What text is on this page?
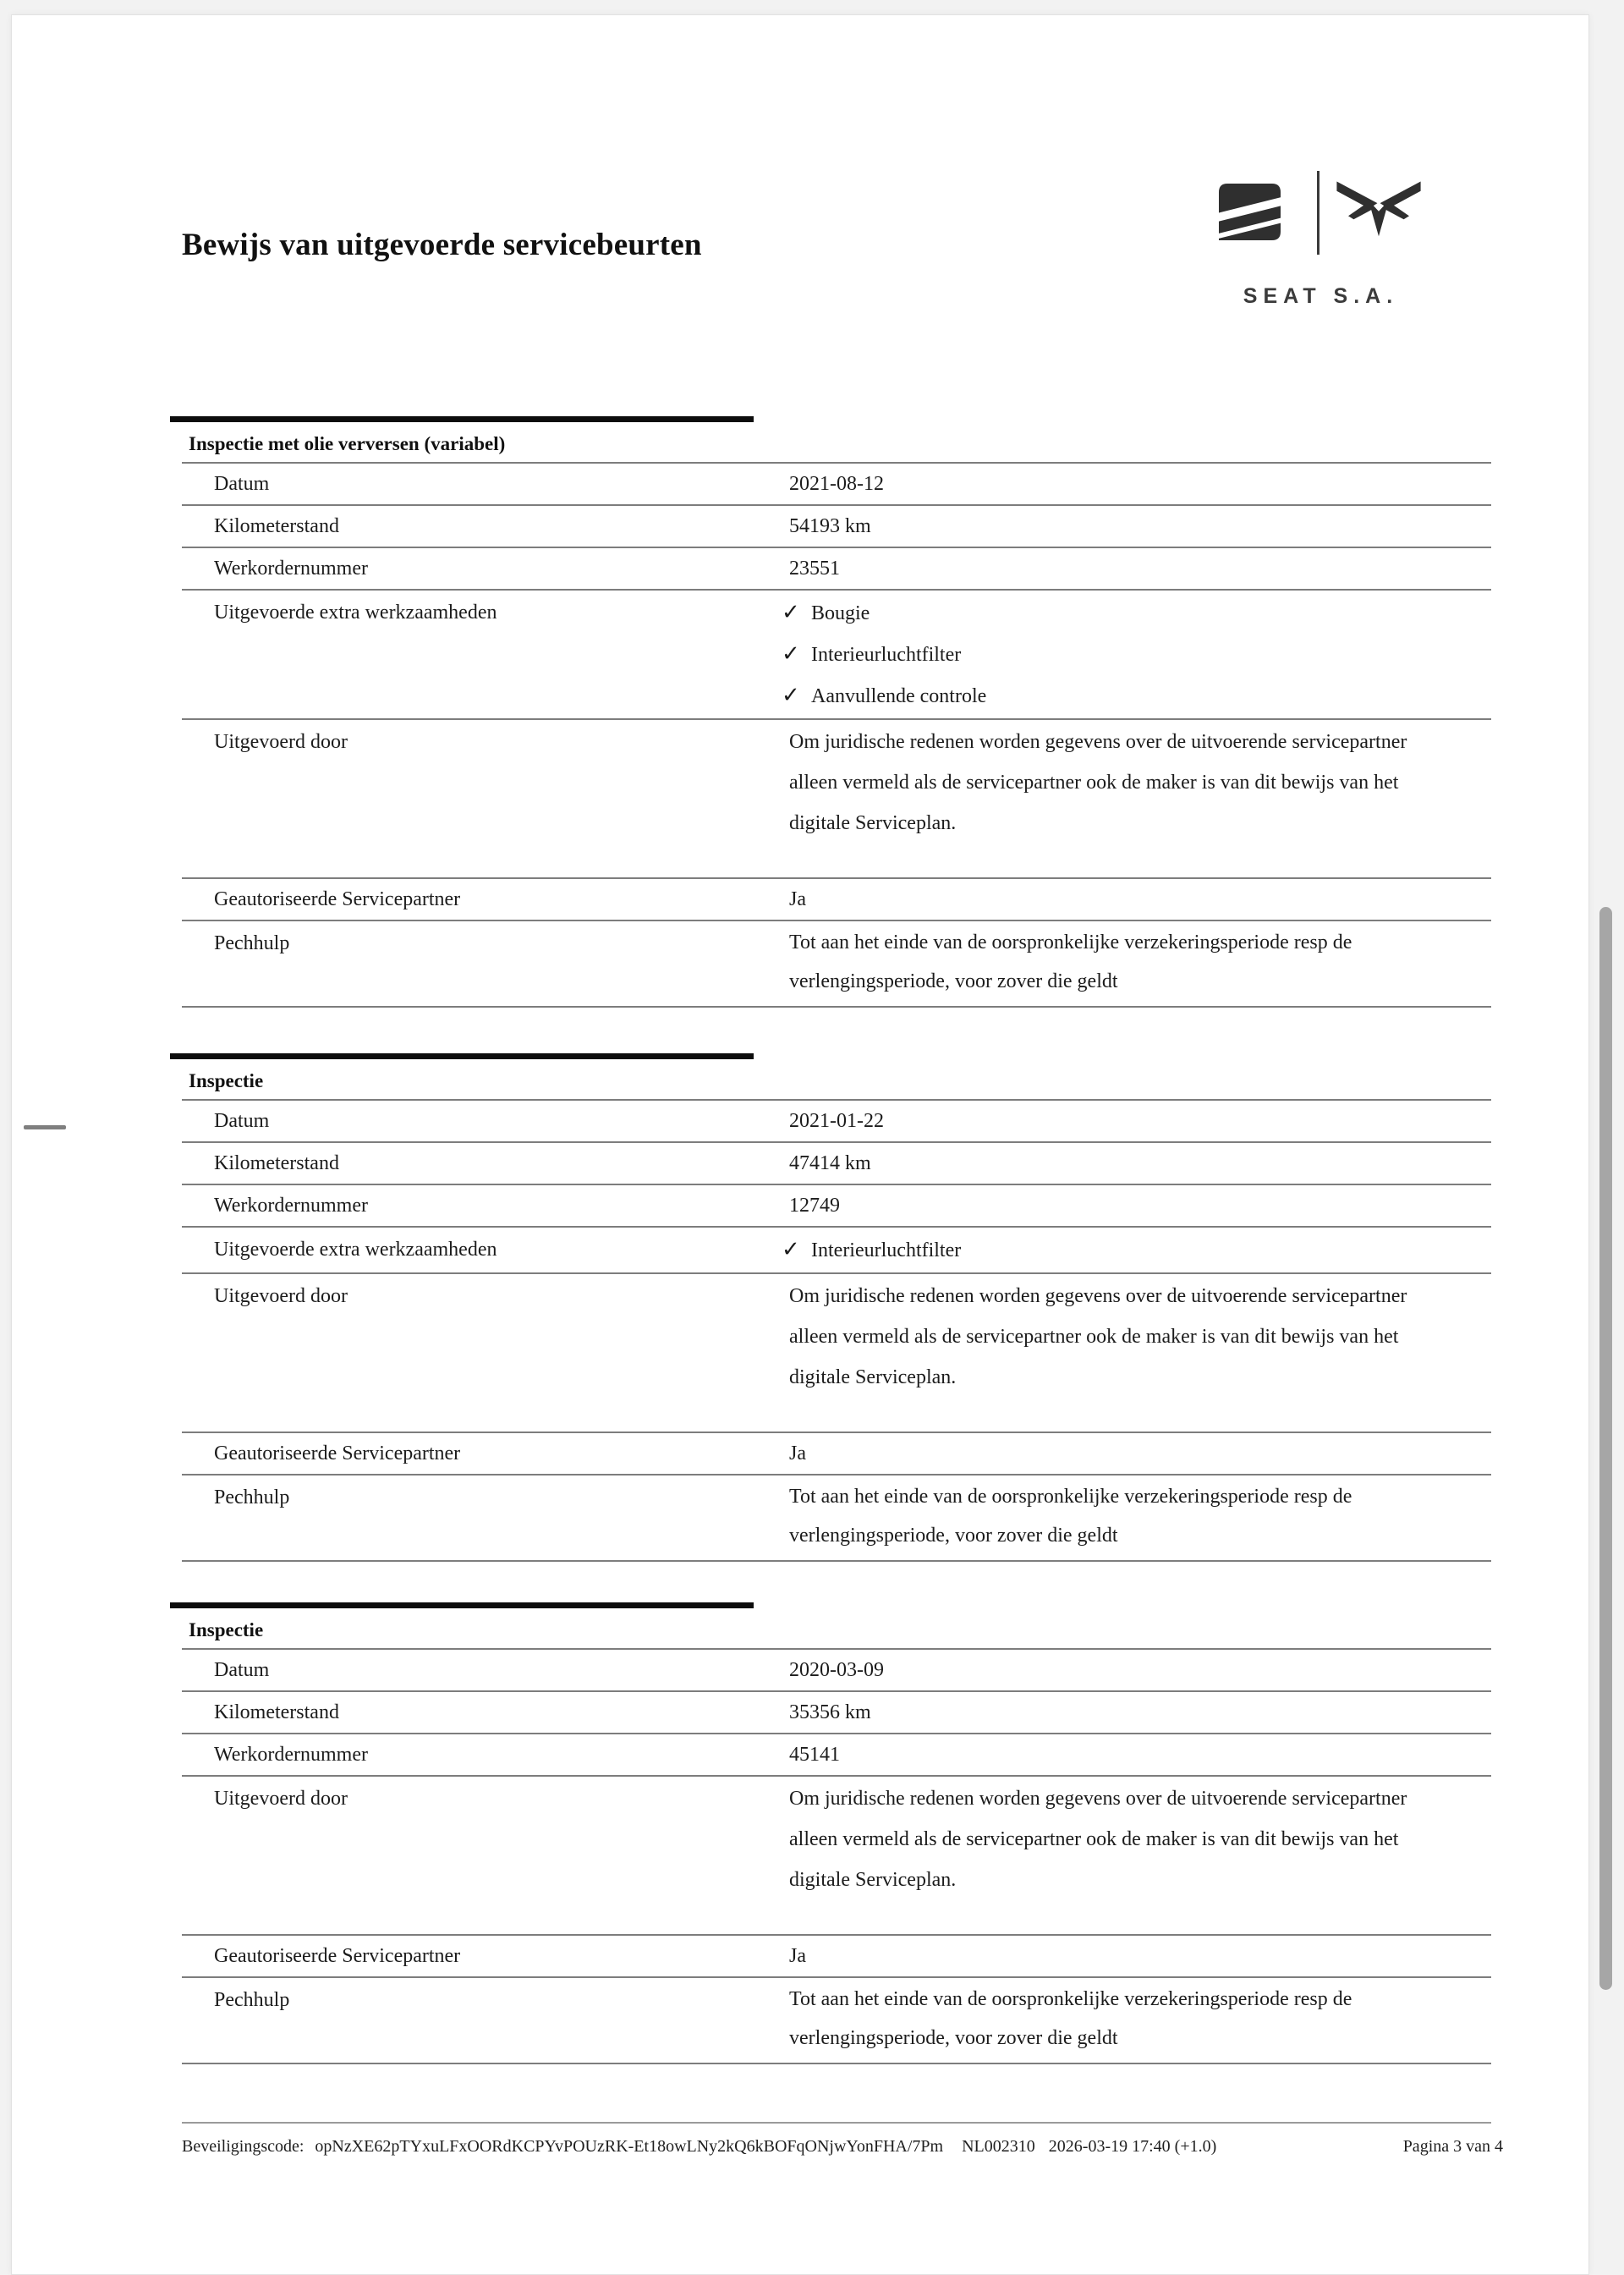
Bewijs van uitgevoerde servicebeurten
SEAT S.A.
Inspectie met olie verversen (variabel)
Datum	2021-08-12
Kilometerstand	54193 km
Werkordernummer	23551
Uitgevoerde extra werkzaamheden	✓ Bougie
✓ Interieurluchtfilter
✓ Aanvullende controle
Uitgevoerd door	Om juridische redenen worden gegevens over de uitvoerende servicepartner
alleen vermeld als de servicepartner ook de maker is van dit bewijs van het
digitale Serviceplan.
Geautoriseerde Servicepartner	Ja
Pechhulp	Tot aan het einde van de oorspronkelijke verzekeringsperiode resp de
verlengingsperiode, voor zover die geldt
Inspectie
Datum	2021-01-22
Kilometerstand	47414 km
Werkordernummer	12749
Uitgevoerde extra werkzaamheden	✓ Interieurluchtfilter
Uitgevoerd door	Om juridische redenen worden gegevens over de uitvoerende servicepartner
alleen vermeld als de servicepartner ook de maker is van dit bewijs van het
digitale Serviceplan.
Geautoriseerde Servicepartner	Ja
Pechhulp	Tot aan het einde van de oorspronkelijke verzekeringsperiode resp de
verlengingsperiode, voor zover die geldt
Inspectie
Datum	2020-03-09
Kilometerstand	35356 km
Werkordernummer	45141
Uitgevoerd door	Om juridische redenen worden gegevens over de uitvoerende servicepartner
alleen vermeld als de servicepartner ook de maker is van dit bewijs van het
digitale Serviceplan.
Geautoriseerde Servicepartner	Ja
Pechhulp	Tot aan het einde van de oorspronkelijke verzekeringsperiode resp de
verlengingsperiode, voor zover die geldt
Beveiligingscode: opNzXE62pTYxuLFxOORdKCPYvPOUzRK-Et18owLNy2kQ6kBOFqONjwYonFHA/7Pm NL002310 2026-03-19 17:40 (+1.0)	Pagina 3 van 4
